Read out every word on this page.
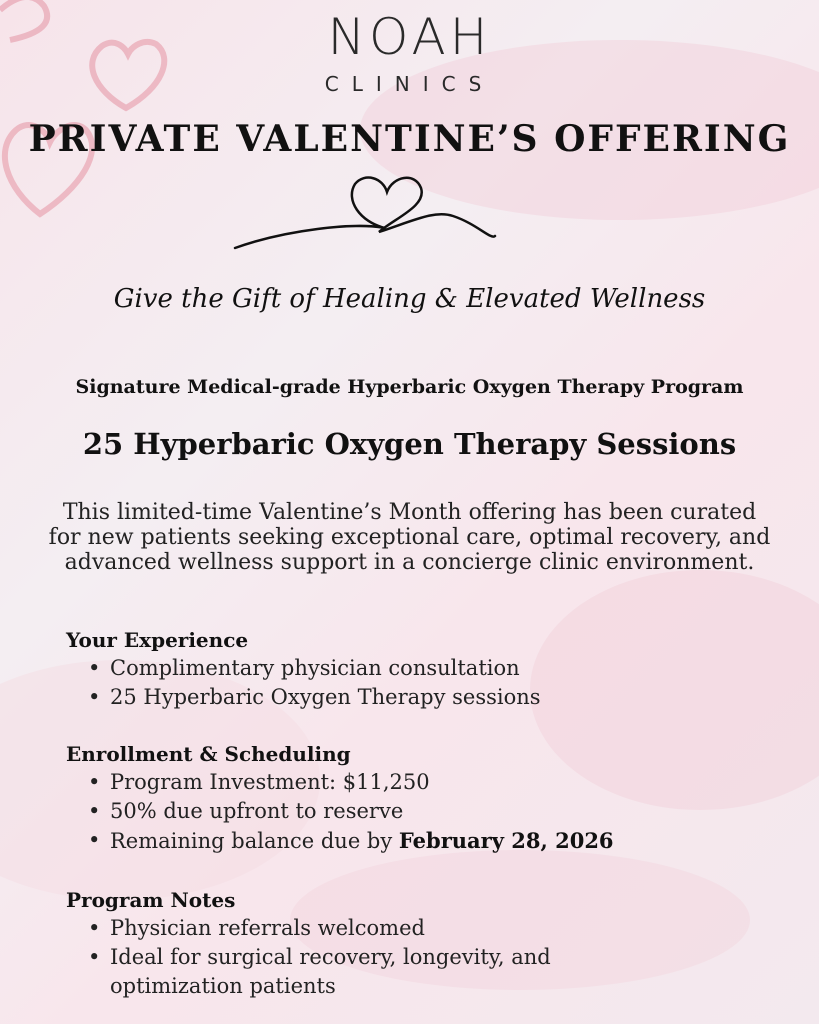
NOAH
CLINICS
PRIVATE VALENTINE’S OFFERING
Give the Gift of Healing & Elevated Wellness
Signature Medical-grade Hyperbaric Oxygen Therapy Program
25 Hyperbaric Oxygen Therapy Sessions
This limited-time Valentine’s Month offering has been curated
for new patients seeking exceptional care, optimal recovery, and
advanced wellness support in a concierge clinic environment.
Your Experience
• Complimentary physician consultation
• 25 Hyperbaric Oxygen Therapy sessions
Enrollment & Scheduling
• Program Investment: $11,250
• 50% due upfront to reserve
• Remaining balance due by February 28, 2026
Program Notes
• Physician referrals welcomed
• Ideal for surgical recovery, longevity, and
optimization patients
